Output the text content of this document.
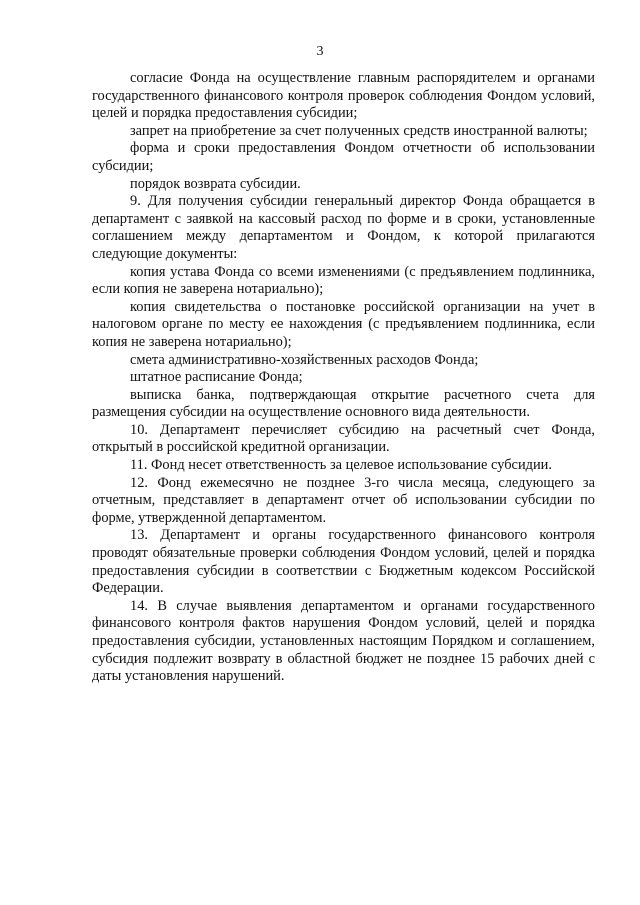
3

согласие Фонда на осуществление главным распорядителем и органами государственного финансового контроля проверок соблюдения Фондом условий, целей и порядка предоставления субсидии;

запрет на приобретение за счет полученных средств иностранной валюты;

форма и сроки предоставления Фондом отчетности об использовании субсидии;

порядок возврата субсидии.

9. Для получения субсидии генеральный директор Фонда обращается в департамент с заявкой на кассовый расход по форме и в сроки, установленные соглашением между департаментом и Фондом, к которой прилагаются следующие документы:

копия устава Фонда со всеми изменениями (с предъявлением подлинника, если копия не заверена нотариально);

копия свидетельства о постановке российской организации на учет в налоговом органе по месту ее нахождения (с предъявлением подлинника, если копия не заверена нотариально);

смета административно-хозяйственных расходов Фонда;

штатное расписание Фонда;

выписка банка, подтверждающая открытие расчетного счета для размещения субсидии на осуществление основного вида деятельности.

10. Департамент перечисляет субсидию на расчетный счет Фонда, открытый в российской кредитной организации.

11. Фонд несет ответственность за целевое использование субсидии.

12. Фонд ежемесячно не позднее 3-го числа месяца, следующего за отчетным, представляет в департамент отчет об использовании субсидии по форме, утвержденной департаментом.

13. Департамент и органы государственного финансового контроля проводят обязательные проверки соблюдения Фондом условий, целей и порядка предоставления субсидии в соответствии с Бюджетным кодексом Российской Федерации.

14. В случае выявления департаментом и органами государственного финансового контроля фактов нарушения Фондом условий, целей и порядка предоставления субсидии, установленных настоящим Порядком и соглашением, субсидия подлежит возврату в областной бюджет не позднее 15 рабочих дней с даты установления нарушений.
